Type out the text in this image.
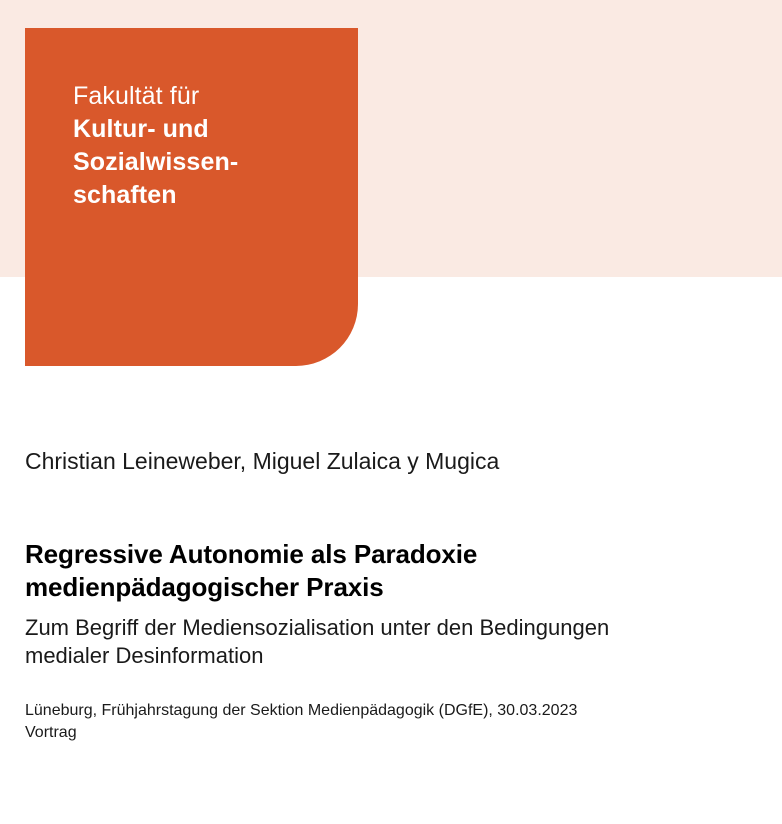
Fakultät für
Kultur- und
Sozialwissen-
schaften

Christian Leineweber, Miguel Zulaica y Mugica

Regressive Autonomie als Paradoxie
medienpädagogischer Praxis

Zum Begriff der Mediensozialisation unter den Bedingungen
medialer Desinformation

Lüneburg, Frühjahrstagung der Sektion Medienpädagogik (DGfE), 30.03.2023
Vortrag
